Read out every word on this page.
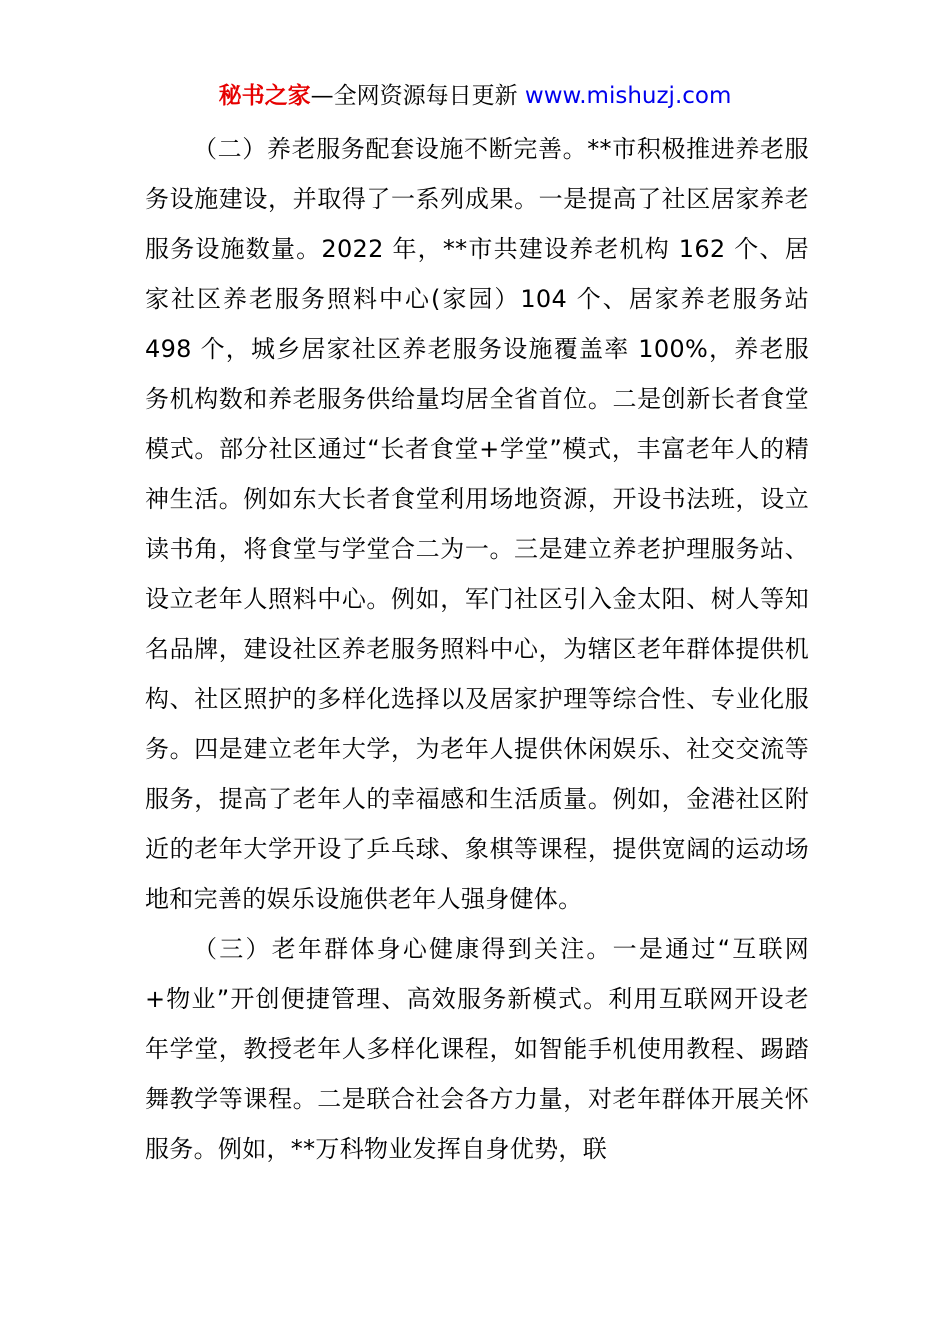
秘书之家—全网资源每日更新 www.mishuzj.com

（二）养老服务配套设施不断完善。**市积极推进养老服务设施建设，并取得了一系列成果。一是提高了社区居家养老服务设施数量。2022 年，**市共建设养老机构 162 个、居家社区养老服务照料中心(家园）104 个、居家养老服务站 498 个，城乡居家社区养老服务设施覆盖率 100%，养老服务机构数和养老服务供给量均居全省首位。二是创新长者食堂模式。部分社区通过“长者食堂+学堂”模式，丰富老年人的精神生活。例如东大长者食堂利用场地资源，开设书法班，设立读书角，将食堂与学堂合二为一。三是建立养老护理服务站、设立老年人照料中心。例如，军门社区引入金太阳、树人等知名品牌，建设社区养老服务照料中心，为辖区老年群体提供机构、社区照护的多样化选择以及居家护理等综合性、专业化服务。四是建立老年大学，为老年人提供休闲娱乐、社交交流等服务，提高了老年人的幸福感和生活质量。例如，金港社区附近的老年大学开设了乒乓球、象棋等课程，提供宽阔的运动场地和完善的娱乐设施供老年人强身健体。

（三）老年群体身心健康得到关注。一是通过“互联网+物业”开创便捷管理、高效服务新模式。利用互联网开设老年学堂，教授老年人多样化课程，如智能手机使用教程、踢踏舞教学等课程。二是联合社会各方力量，对老年群体开展关怀服务。例如，**万科物业发挥自身优势，联
